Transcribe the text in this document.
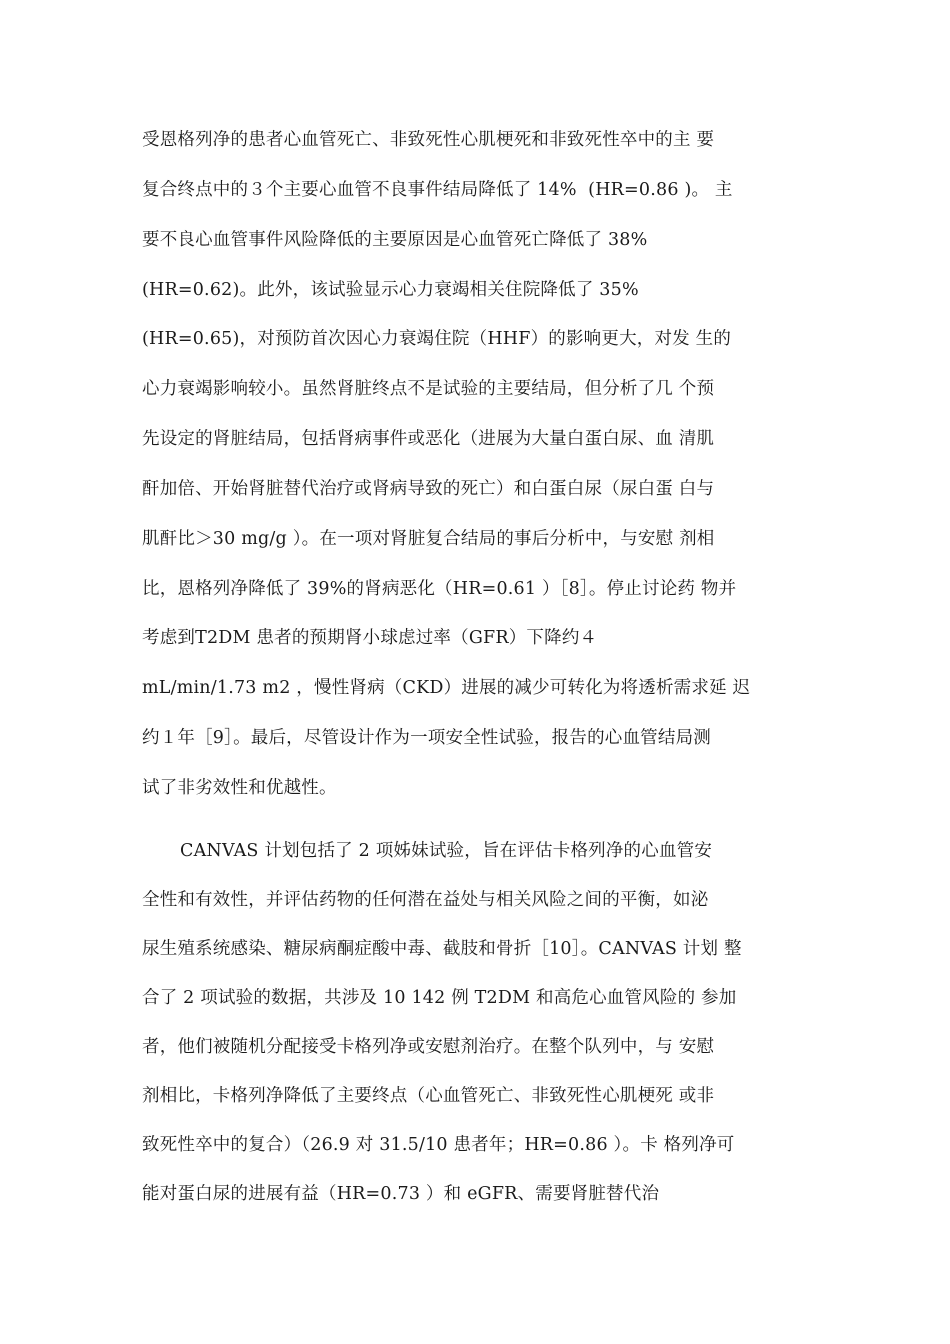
受恩格列净的患者心血管死亡、非致死性心肌梗死和非致死性卒中的主 要
复合终点中的３个主要心血管不良事件结局降低了 14%  (HR=0.86 )。 主
要不良心血管事件风险降低的主要原因是心血管死亡降低了 38%
(HR=0.62)。此外，该试验显示心力衰竭相关住院降低了 35%
(HR=0.65)，对预防首次因心力衰竭住院（HHF）的影响更大，对发 生的
心力衰竭影响较小。虽然肾脏终点不是试验的主要结局，但分析了几 个预
先设定的肾脏结局，包括肾病事件或恶化（进展为大量白蛋白尿、血 清肌
酐加倍、开始肾脏替代治疗或肾病导致的死亡）和白蛋白尿（尿白蛋 白与
肌酐比＞30 mg/g ）。在一项对肾脏复合结局的事后分析中，与安慰 剂相
比，恩格列净降低了 39%的肾病恶化（HR=0.61 ）［8］。停止讨论药 物并
考虑到T2DM 患者的预期肾小球虑过率（GFR）下降约４
mL/min/1.73 m2 ，慢性肾病（CKD）进展的减少可转化为将透析需求延 迟
约１年［9］。最后，尽管设计作为一项安全性试验，报告的心血管结局测
试了非劣效性和优越性。
CANVAS 计划包括了 2 项姊妹试验，旨在评估卡格列净的心血管安
全性和有效性，并评估药物的任何潜在益处与相关风险之间的平衡，如泌
尿生殖系统感染、糖尿病酮症酸中毒、截肢和骨折［10］。CANVAS 计划 整
合了 2 项试验的数据，共涉及 10 142 例 T2DM 和高危心血管风险的 参加
者，他们被随机分配接受卡格列净或安慰剂治疗。在整个队列中，与 安慰
剂相比，卡格列净降低了主要终点（心血管死亡、非致死性心肌梗死 或非
致死性卒中的复合）（26.9 对 31.5/10 患者年；HR=0.86 ）。卡 格列净可
能对蛋白尿的进展有益（HR=0.73 ）和 eGFR、需要肾脏替代治
